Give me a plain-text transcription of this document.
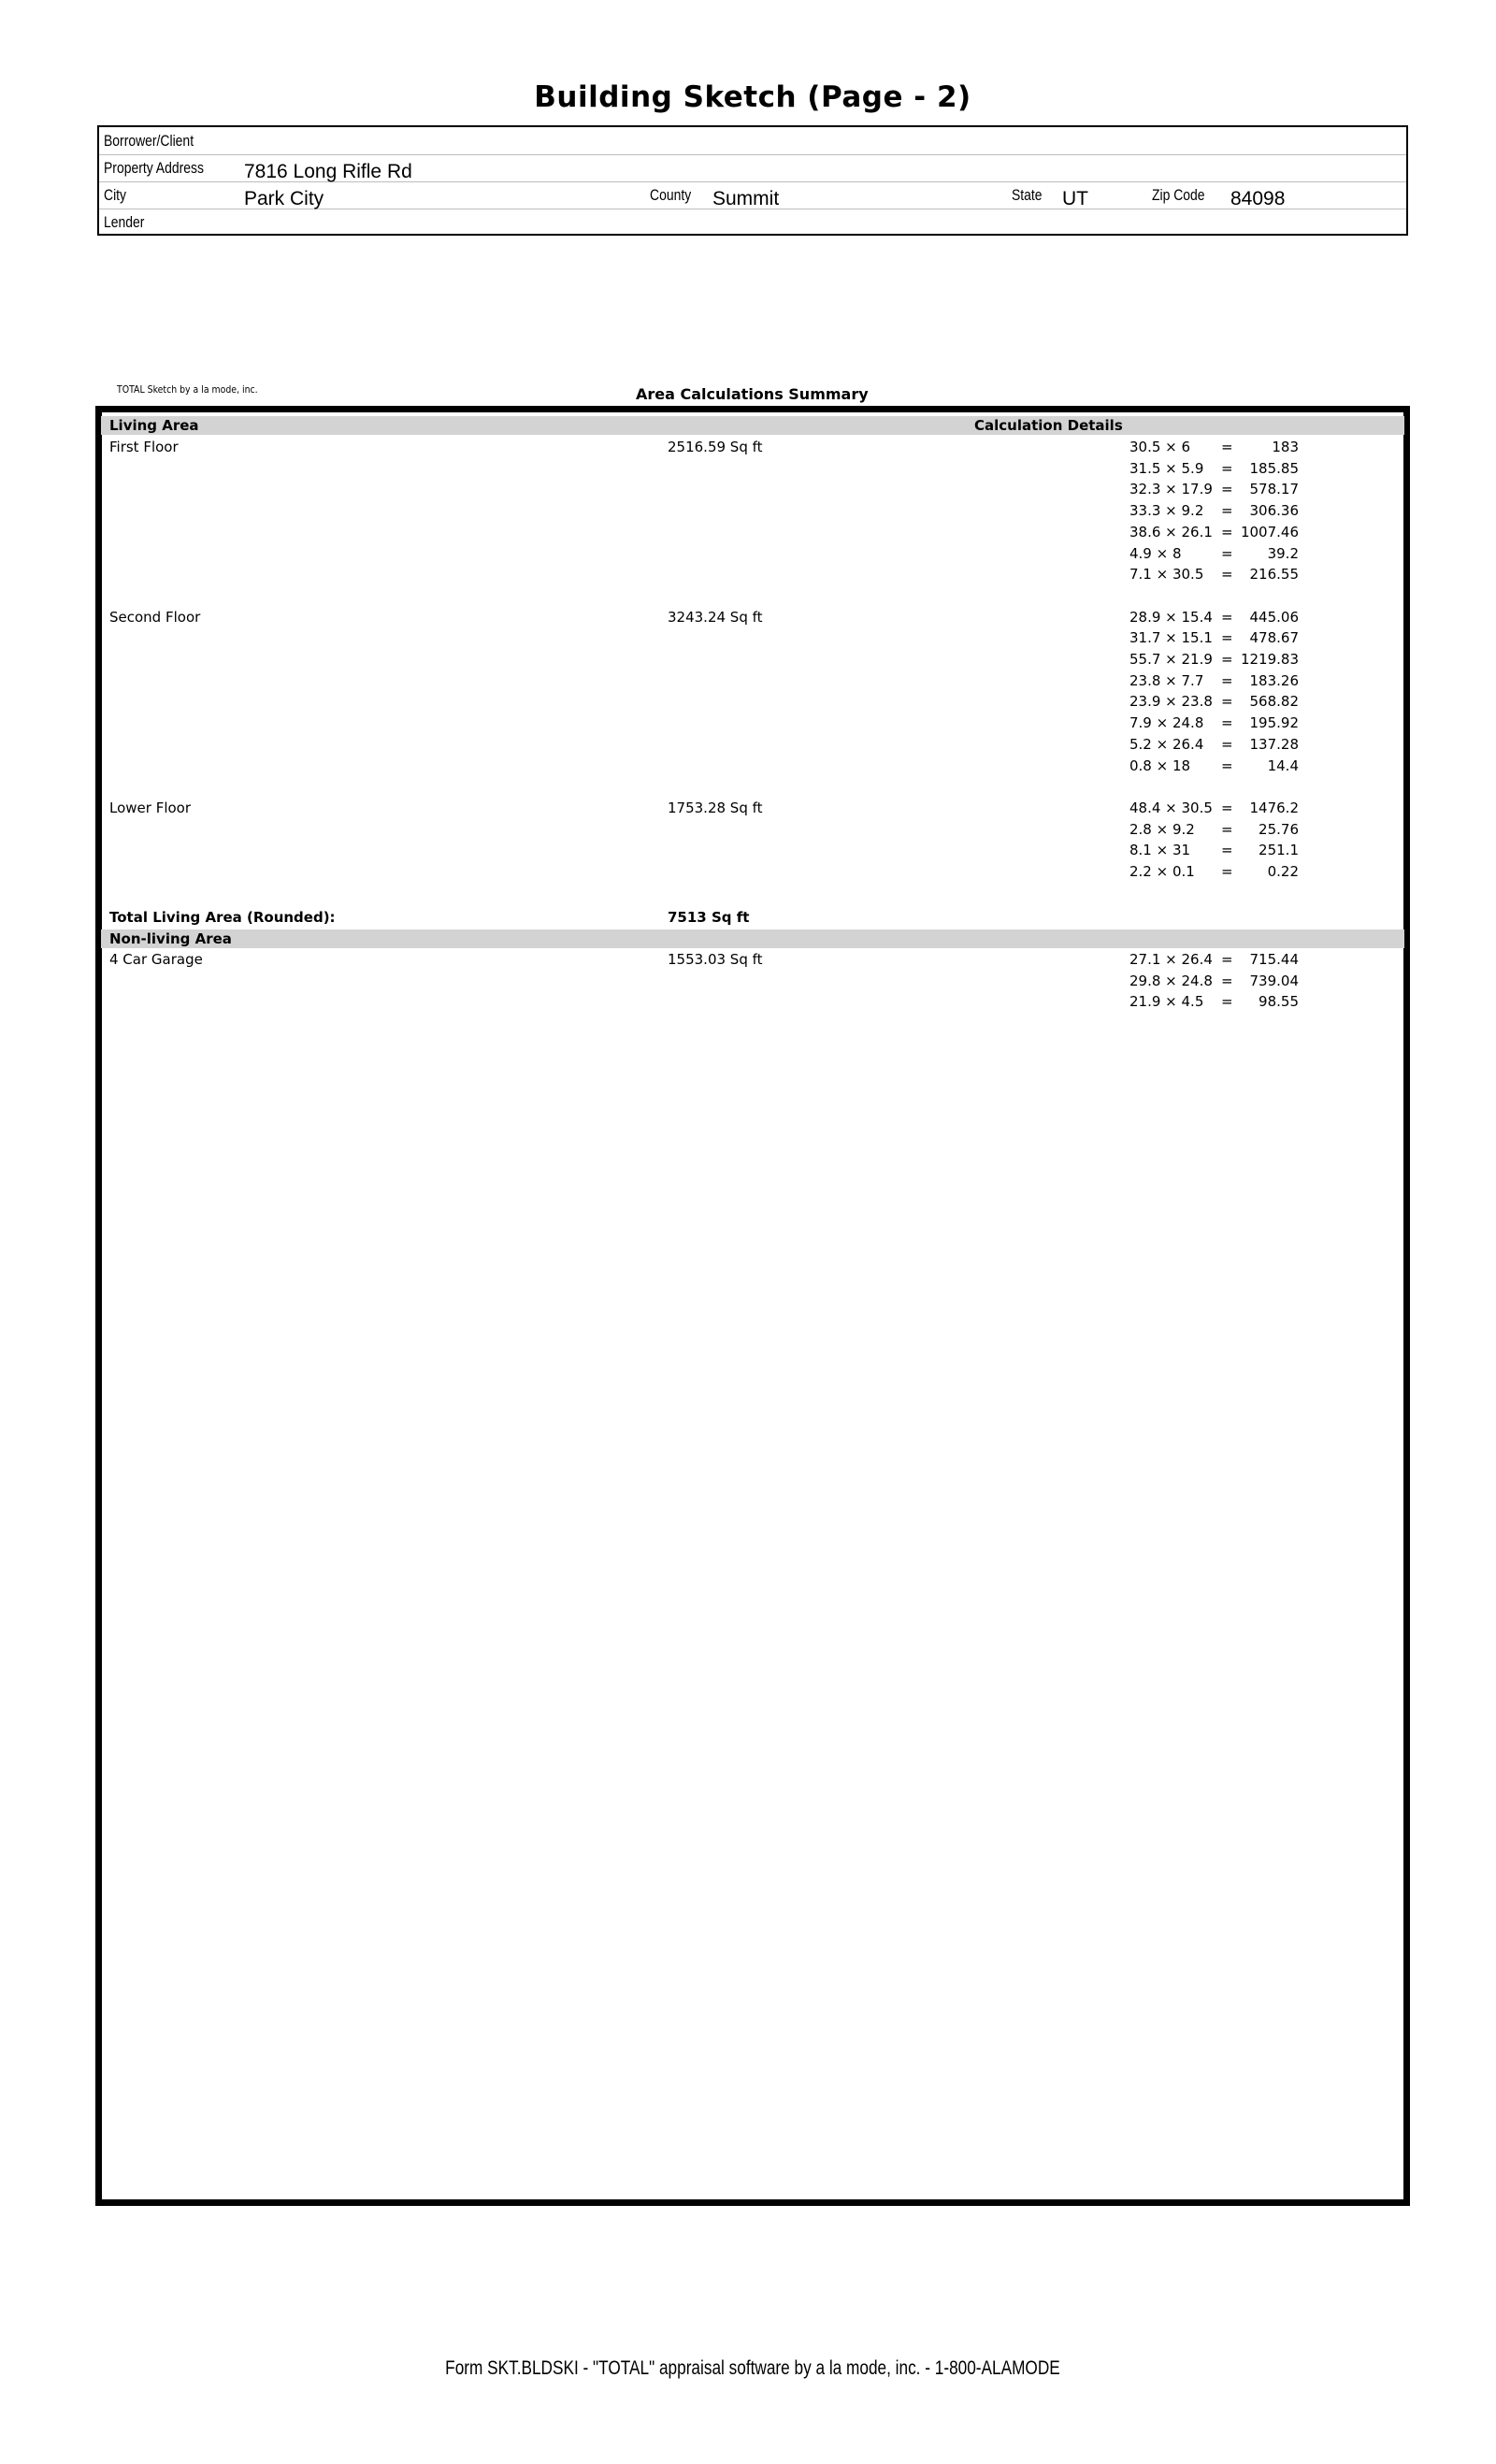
Building Sketch (Page - 2)
Borrower/Client
Property Address 7816 Long Rifle Rd
City	Park City	County Summit	State UT	Zip Code 84098
Lender
TOTAL Sketch by a la mode, inc.	Area Calculations Summary
Living Area	Calculation Details
First Floor	2516.59 Sq ft	30.5 × 6 =	183
31.5 × 5.9 =	185.85
32.3 × 17.9 =	578.17
33.3 × 9.2 =	306.36
38.6 × 26.1 = 1007.46
4.9 × 8	=	39.2
7.1 × 30.5 =	216.55
Second Floor	3243.24 Sq ft	28.9 × 15.4 =	445.06
31.7 × 15.1 =	478.67
55.7 × 21.9 = 1219.83
23.8 × 7.7 =	183.26
23.9 × 23.8 =	568.82
7.9 × 24.8 =	195.92
5.2 × 26.4 =	137.28
0.8 × 18 =	14.4
Lower Floor	1753.28 Sq ft	48.4 × 30.5 =	1476.2
2.8 × 9.2 =	25.76
8.1 × 31 =	251.1
2.2 × 0.1 =	0.22
Total Living Area (Rounded):	7513 Sq ft
Non-living Area
4 Car Garage	1553.03 Sq ft	27.1 × 26.4 =	715.44
29.8 × 24.8 =	739.04
21.9 × 4.5 =	98.55
Form SKT.BLDSKI - "TOTAL" appraisal software by a la mode, inc. - 1-800-ALAMODE
